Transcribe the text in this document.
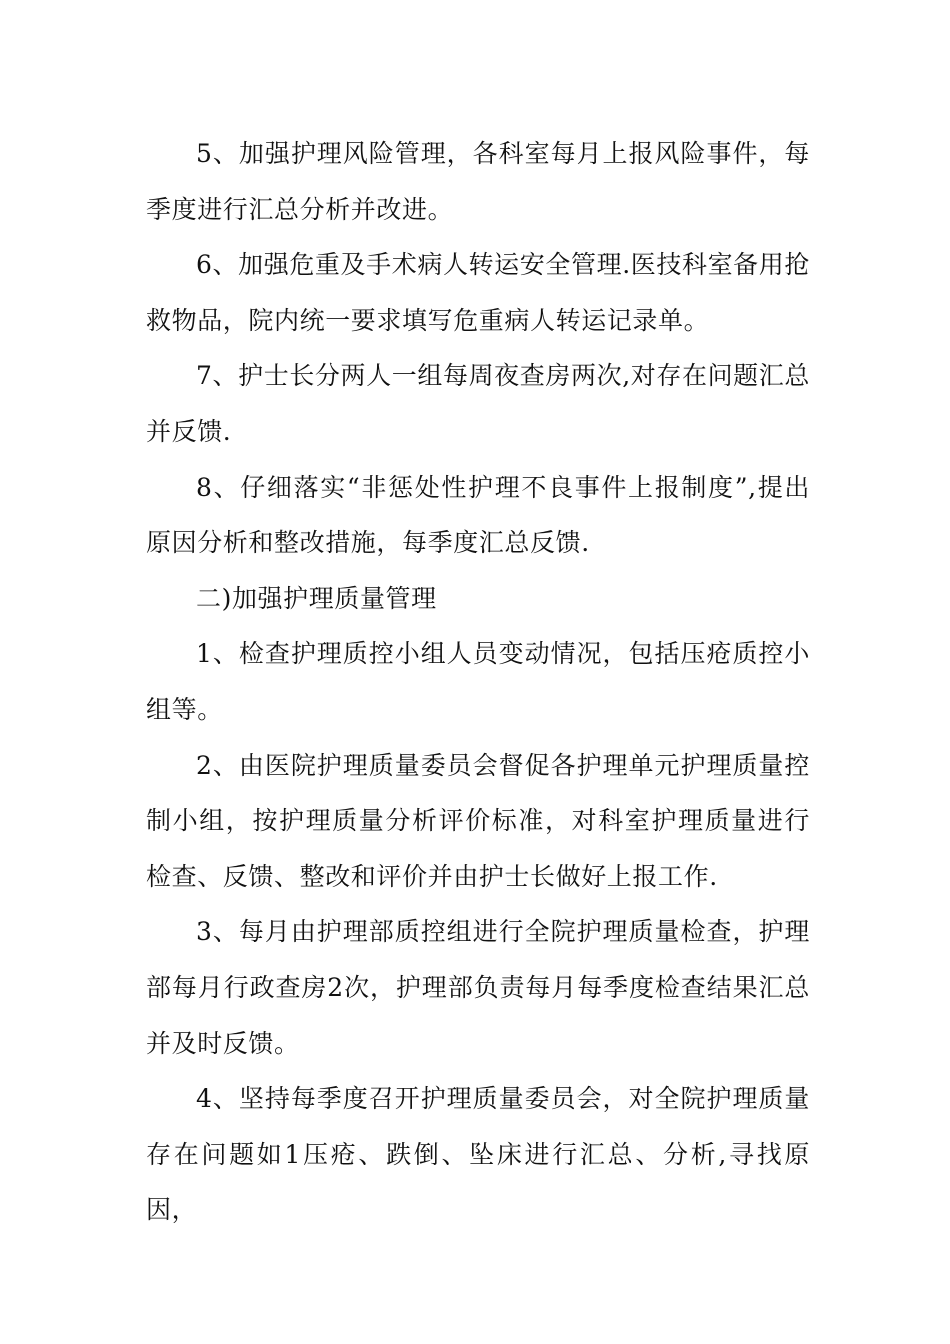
5、加强护理风险管理，各科室每月上报风险事件，每季度进行汇总分析并改进。

6、加强危重及手术病人转运安全管理.医技科室备用抢救物品，院内统一要求填写危重病人转运记录单。

7、护士长分两人一组每周夜查房两次,对存在问题汇总并反馈.

8、仔细落实“非惩处性护理不良事件上报制度”,提出原因分析和整改措施，每季度汇总反馈.

二)加强护理质量管理

1、检查护理质控小组人员变动情况，包括压疮质控小组等。

2、由医院护理质量委员会督促各护理单元护理质量控制小组，按护理质量分析评价标准，对科室护理质量进行检查、反馈、整改和评价并由护士长做好上报工作.

3、每月由护理部质控组进行全院护理质量检查，护理部每月行政查房2次，护理部负责每月每季度检查结果汇总并及时反馈。

4、坚持每季度召开护理质量委员会，对全院护理质量存在问题如1压疮、跌倒、坠床进行汇总、分析,寻找原因，
